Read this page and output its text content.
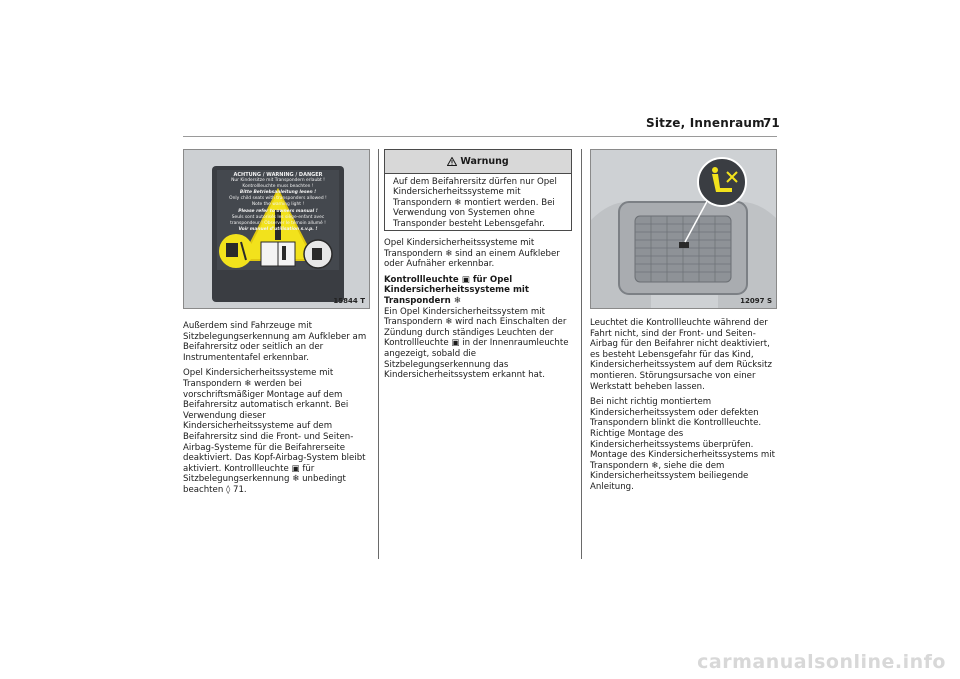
Sitze, Innenraum
71
ACHTUNG / WARNING / DANGER
Nur Kindersitze mit Transpondern erlaubt !
Kontrollleuchte muss beachten !
Bitte Betriebsanleitung lesen !
Only child seats with transponders allowed !
Note the warning light !
Please refer to owners manual !
Seuls sont autorisés les siège-enfant avec
transpondeur ! Observer le témoin allumé !
Voir manuel d'utilisation s.v.p. !
15844 T
Warnung
Auf dem Beifahrersitz dürfen nur Opel Kindersicherheitssysteme mit Transpondern ❄ montiert werden. Bei Verwendung von Systemen ohne Transponder besteht Lebensgefahr.
12097 S

Außerdem sind Fahrzeuge mit Sitzbelegungserkennung am Aufkleber am Beifahrersitz oder seitlich an der Instrumententafel erkennbar.

Opel Kindersicherheitssysteme mit Transpondern ❄ werden bei vorschriftsmäßiger Montage auf dem Beifahrersitz automatisch erkannt. Bei Verwendung dieser Kindersicherheitssysteme auf dem Beifahrersitz sind die Front- und Seiten-Airbag-Systeme für die Beifahrerseite deaktiviert. Das Kopf-Airbag-System bleibt aktiviert. Kontrollleuchte ▣ für Sitzbelegungserkennung ❄ unbedingt beachten ◊ 71.

Opel Kindersicherheitssysteme mit Transpondern ❄ sind an einem Aufkleber oder Aufnäher erkennbar.

Kontrollleuchte ▣ für Opel Kindersicherheitssysteme mit Transpondern ❄

Ein Opel Kindersicherheitssystem mit Transpondern ❄ wird nach Einschalten der Zündung durch ständiges Leuchten der Kontrollleuchte ▣ in der Innenraumleuchte angezeigt, sobald die Sitzbelegungserkennung das Kindersicherheitssystem erkannt hat.

Leuchtet die Kontrollleuchte während der Fahrt nicht, sind der Front- und Seiten-Airbag für den Beifahrer nicht deaktiviert, es besteht Lebensgefahr für das Kind, Kindersicherheitssystem auf dem Rücksitz montieren. Störungsursache von einer Werkstatt beheben lassen.

Bei nicht richtig montiertem Kindersicherheitssystem oder defekten Transpondern blinkt die Kontrollleuchte. Richtige Montage des Kindersicherheitssystems überprüfen. Montage des Kindersicherheitssystems mit Transpondern ❄, siehe die dem Kindersicherheitssystem beiliegende Anleitung.

carmanualsonline.info
